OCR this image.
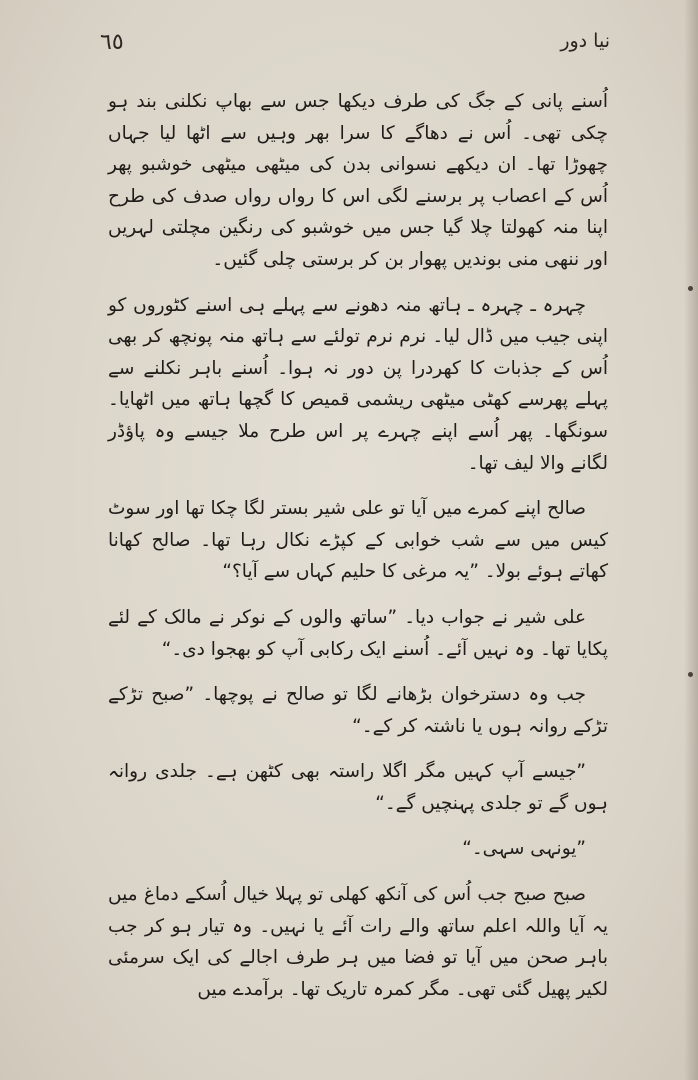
٦٥	نیا دور

اُسنے پانی کے جگ کی طرف دیکھا جس سے بھاپ نکلنی بند ہو چکی تھی۔ اُس نے دھاگے کا سرا بھر وہیں سے اٹھا لیا جہاں چھوڑا تھا۔ ان دیکھے نسوانی بدن کی میٹھی میٹھی خوشبو پھر اُس کے اعصاب پر برسنے لگی اس کا رواں رواں صدف کی طرح اپنا منہ کھولتا چلا گیا جس میں خوشبو کی رنگین مچلتی لہریں اور ننھی منی بوندیں پھوار بن کر برستی چلی گئیں۔

چہرہ ـ چہرہ ـ ہاتھ منہ دھونے سے پہلے ہی اسنے کٹوروں کو اپنی جیب میں ڈال لیا۔ نرم نرم تولئے سے ہاتھ منہ پونچھ کر بھی اُس کے جذبات کا کھردرا پن دور نہ ہوا۔ اُسنے باہر نکلنے سے پہلے پھرسے کھٹی میٹھی ریشمی قمیص کا گچھا ہاتھ میں اٹھایا۔ سونگھا۔ پھر اُسے اپنے چہرے پر اس طرح ملا جیسے وہ پاؤڈر لگانے والا لیف تھا۔

صالح اپنے کمرے میں آیا تو علی شیر بستر لگا چکا تھا اور سوٹ کیس میں سے شب خوابی کے کپڑے نکال رہا تھا۔ صالح کھانا کھاتے ہوئے بولا۔ ”یہ مرغی کا حلیم کہاں سے آیا؟“

علی شیر نے جواب دیا۔ ”ساتھ والوں کے نوکر نے مالک کے لئے پکایا تھا۔ وہ نہیں آئے۔ اُسنے ایک رکابی آپ کو بھجوا دی۔“

جب وہ دسترخوان بڑھانے لگا تو صالح نے پوچھا۔ ”صبح تڑکے تڑکے روانہ ہوں یا ناشتہ کر کے۔“

”جیسے آپ کہیں مگر اگلا راستہ بھی کٹھن ہے۔ جلدی روانہ ہوں گے تو جلدی پہنچیں گے۔“

”یونہی سہی۔“

صبح صبح جب اُس کی آنکھ کھلی تو پہلا خیال اُسکے دماغ میں یہ آیا واللہ اعلم ساتھ والے رات آئے یا نہیں۔ وہ تیار ہو کر جب باہر صحن میں آیا تو فضا میں ہر طرف اجالے کی ایک سرمئی لکیر پھیل گئی تھی۔ مگر کمرہ تاریک تھا۔ برآمدے میں
